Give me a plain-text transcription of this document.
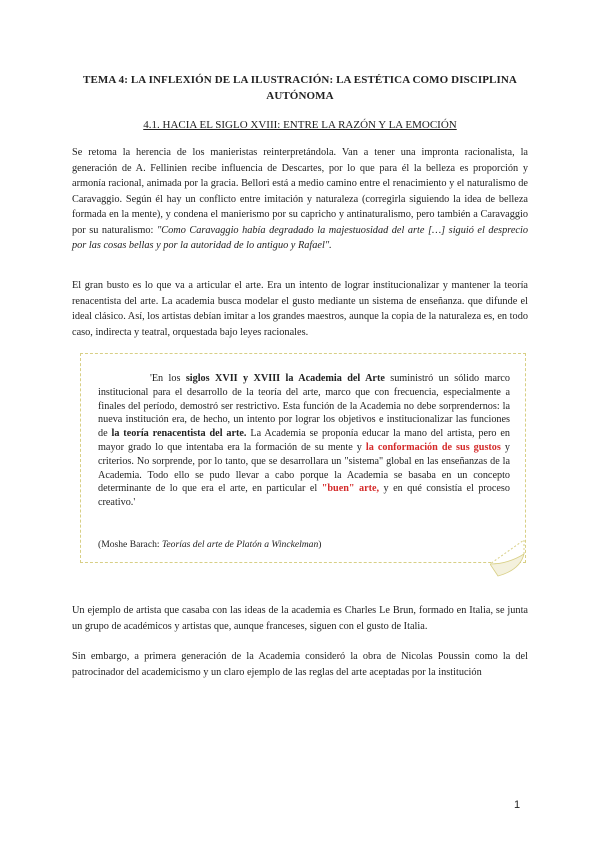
TEMA 4: LA INFLEXIÓN DE LA ILUSTRACIÓN: LA ESTÉTICA COMO DISCIPLINA AUTÓNOMA
4.1. HACIA EL SIGLO XVIII: ENTRE LA RAZÓN Y LA EMOCIÓN
Se retoma la herencia de los manieristas reinterpretándola. Van a tener una impronta racionalista, la generación de A. Fellinien recibe influencia de Descartes, por lo que para él la belleza es proporción y armonía racional, animada por la gracia. Bellori está a medio camino entre el renacimiento y el naturalismo de Caravaggio. Según él hay un conflicto entre imitación y naturaleza (corregirla siguiendo la idea de belleza formada en la mente), y condena el manierismo por su capricho y antinaturalismo, pero también a Caravaggio por su naturalismo: "Como Caravaggio había degradado la majestuosidad del arte […] siguió el desprecio por las cosas bellas y por la autoridad de lo antiguo y Rafael".
El gran busto es lo que va a articular el arte. Era un intento de lograr institucionalizar y mantener la teoría renacentista del arte. La academia busca modelar el gusto mediante un sistema de enseñanza. que difunde el ideal clásico. Así, los artistas debían imitar a los grandes maestros, aunque la copia de la naturaleza es, en todo caso, indirecta y teatral, orquestada bajo leyes racionales.
'En los siglos XVII y XVIII la Academia del Arte suministró un sólido marco institucional para el desarrollo de la teoría del arte, marco que con frecuencia, especialmente a finales del período, demostró ser restrictivo. Esta función de la Academia no debe sorprendernos: la nueva institución era, de hecho, un intento por lograr los objetivos e institucionalizar las funciones de la teoría renacentista del arte. La Academia se proponía educar la mano del artista, pero en mayor grado lo que intentaba era la formación de su mente y la conformación de sus gustos y criterios. No sorprende, por lo tanto, que se desarrollara un "sistema" global en las enseñanzas de la Academia. Todo ello se pudo llevar a cabo porque la Academia se basaba en un concepto determinante de lo que era el arte, en particular el "buen" arte, y en qué consistía el proceso creativo.'
(Moshe Barach: Teorías del arte de Platón a Winckelman)
Un ejemplo de artista que casaba con las ideas de la academia es Charles Le Brun, formado en Italia, se junta un grupo de académicos y artistas que, aunque franceses, siguen con el gusto de Italia.
Sin embargo, a primera generación de la Academia consideró la obra de Nicolas Poussin como la del patrocinador del academicismo y un claro ejemplo de las reglas del arte aceptadas por la institución
1
